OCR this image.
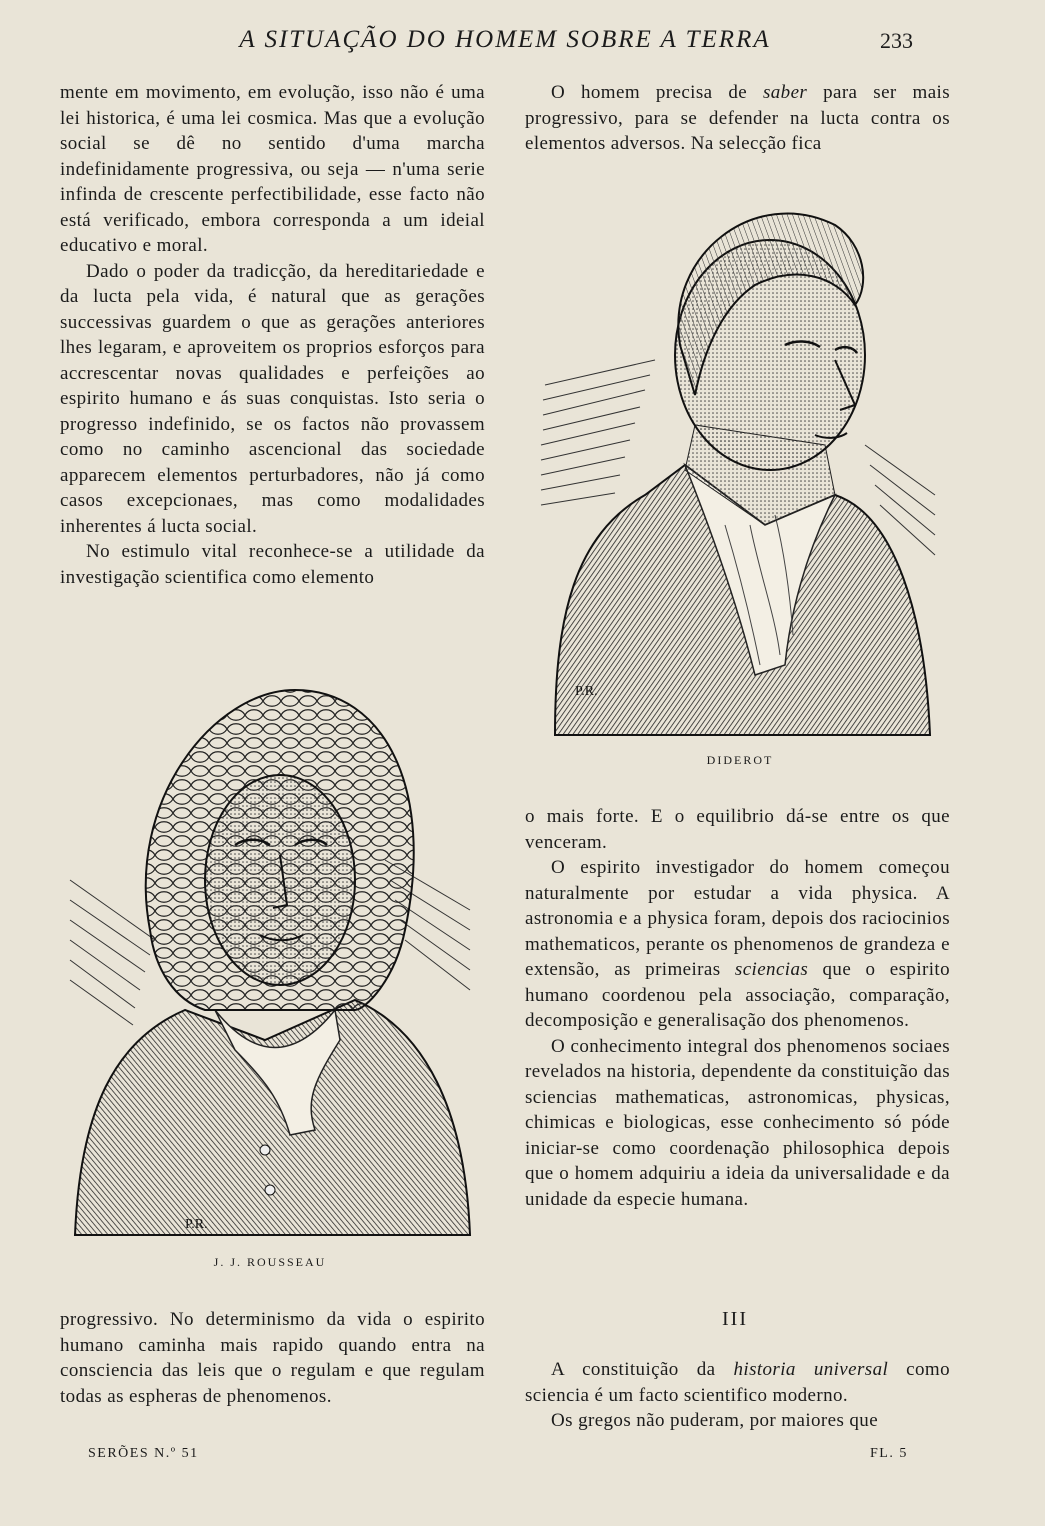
A SITUAÇÃO DO HOMEM SOBRE A TERRA	233

mente em movimento, em evolução, isso não é uma lei historica, é uma lei cosmica. Mas que a evolução social se dê no sentido d'uma marcha indefinidamente progressiva, ou seja — n'uma serie infinda de crescente perfectibilidade, esse facto não está verificado, embora corresponda a um ideial educativo e moral.

Dado o poder da tradicção, da hereditariedade e da lucta pela vida, é natural que as gerações successivas guardem o que as gerações anteriores lhes legaram, e aproveitem os proprios esforços para accrescentar novas qualidades e perfeições ao espirito humano e ás suas conquistas. Isto seria o progresso indefinido, se os factos não provassem como no caminho ascencional das sociedade apparecem elementos perturbadores, não já como casos excepcionaes, mas como modalidades inherentes á lucta social.

No estimulo vital reconhece-se a utilidade da investigação scientifica como elemento

O homem precisa de saber para ser mais progressivo, para se defender na lucta contra os elementos adversos. Na selecção fica

P.R.
DIDEROT

o mais forte. E o equilibrio dá-se entre os que venceram.

O espirito investigador do homem começou naturalmente por estudar a vida physica. A astronomia e a physica foram, depois dos raciocinios mathematicos, perante os phenomenos de grandeza e extensão, as primeiras sciencias que o espirito humano coordenou pela associação, comparação, decomposição e generalisação dos phenomenos.

O conhecimento integral dos phenomenos sociaes revelados na historia, dependente da constituição das sciencias mathematicas, astronomicas, physicas, chimicas e biologicas, esse conhecimento só póde iniciar-se como coordenação philosophica depois que o homem adquiriu a ideia da universalidade e da unidade da especie humana.

P.R.
J. J. ROUSSEAU

progressivo. No determinismo da vida o espirito humano caminha mais rapido quando entra na consciencia das leis que o regulam e que regulam todas as espheras de phenomenos.

III

A constituição da historia universal como sciencia é um facto scientifico moderno.

Os gregos não puderam, por maiores que

SERÕES N.º 51	FL. 5
